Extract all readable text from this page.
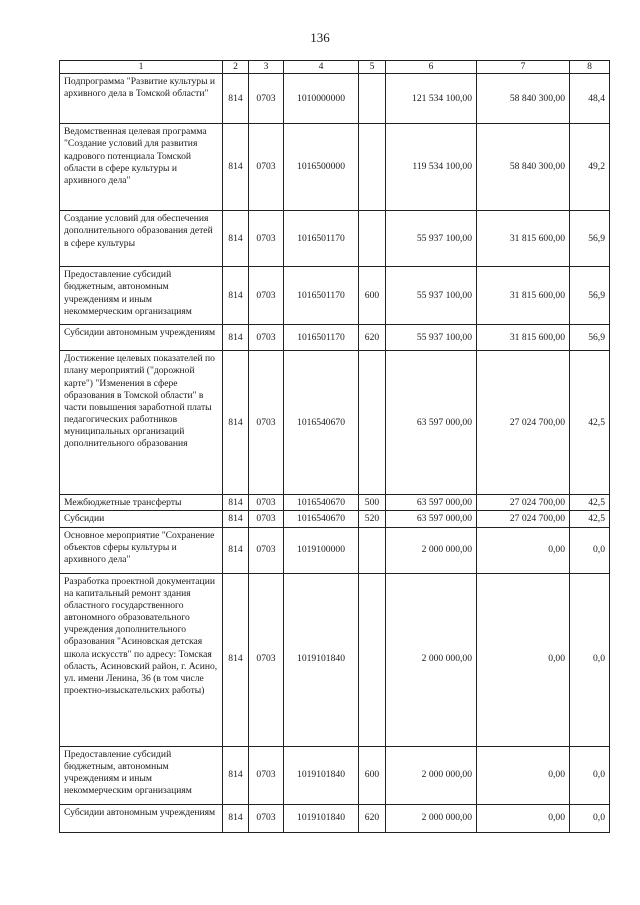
136
1	2	3	4	5	6	7	8
Подпрограмма "Развитие культуры и архивного дела в Томской области"	814	0703	1010000000		121 534 100,00	58 840 300,00	48,4
Ведомственная целевая программа "Создание условий для развития кадрового потенциала Томской области в сфере культуры и архивного дела"	814	0703	1016500000		119 534 100,00	58 840 300,00	49,2
Создание условий для обеспечения дополнительного образования детей в сфере культуры	814	0703	1016501170		55 937 100,00	31 815 600,00	56,9
Предоставление субсидий бюджетным, автономным учреждениям и иным некоммерческим организациям	814	0703	1016501170	600	55 937 100,00	31 815 600,00	56,9
Субсидии автономным учреждениям	814	0703	1016501170	620	55 937 100,00	31 815 600,00	56,9
Достижение целевых показателей по плану мероприятий ("дорожной карте") "Изменения в сфере образования в Томской области" в части повышения заработной платы педагогических работников муниципальных организаций дополнительного образования	814	0703	1016540670		63 597 000,00	27 024 700,00	42,5
Межбюджетные трансферты	814	0703	1016540670	500	63 597 000,00	27 024 700,00	42,5
Субсидии	814	0703	1016540670	520	63 597 000,00	27 024 700,00	42,5
Основное мероприятие "Сохранение объектов сферы культуры и архивного дела"	814	0703	1019100000		2 000 000,00	0,00	0,0
Разработка проектной документации на капитальный ремонт здания областного государственного автономного образовательного учреждения дополнительного образования "Асиновская детская школа искусств" по адресу: Томская область, Асиновский район, г. Асино, ул. имени Ленина, 36 (в том числе проектно-изыскательских работы)	814	0703	1019101840		2 000 000,00	0,00	0,0
Предоставление субсидий бюджетным, автономным учреждениям и иным некоммерческим организациям	814	0703	1019101840	600	2 000 000,00	0,00	0,0
Субсидии автономным учреждениям	814	0703	1019101840	620	2 000 000,00	0,00	0,0
